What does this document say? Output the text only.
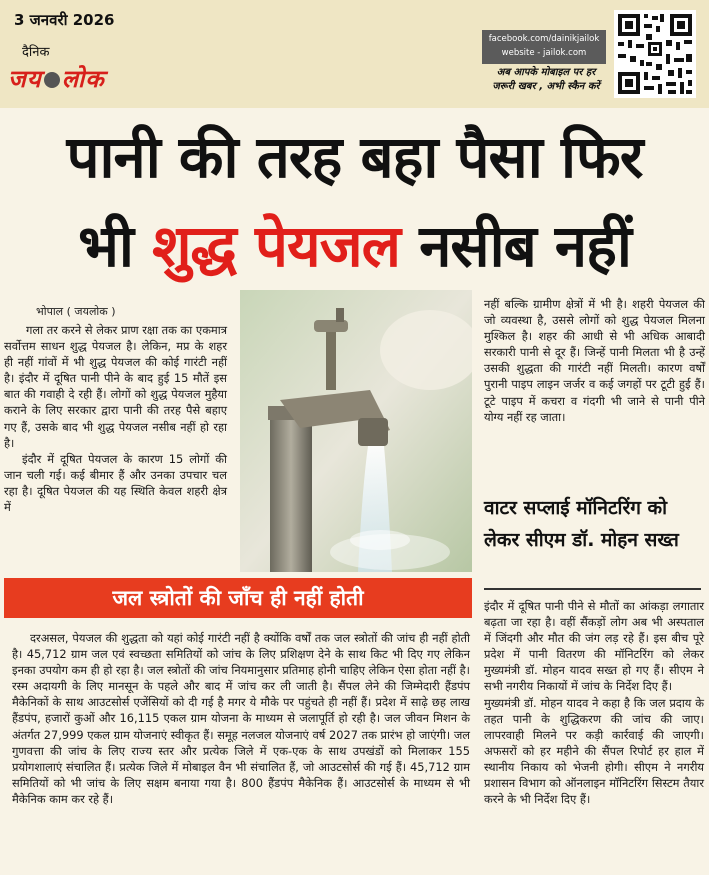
3 जनवरी 2026
दैनिक
जय लोक
facebook.com/dainikjailok
website - jailok.com
अब आपके मोबाइल पर हर
जरूरी खबर , अभी स्कैन करें
पानी की तरह बहा पैसा फिर
भी शुद्ध पेयजल नसीब नहीं
भोपाल ( जयलोक )

गला तर करने से लेकर प्राण रक्षा तक का एकमात्र सर्वोत्तम साधन शुद्ध पेयजल है। लेकिन, मप्र के शहर ही नहीं गांवों में भी शुद्ध पेयजल की कोई गारंटी नहीं है। इंदौर में दूषित पानी पीने के बाद हुई 15 मौतें इस बात की गवाही दे रही हैं। लोगों को शुद्ध पेयजल मुहैया कराने के लिए सरकार द्वारा पानी की तरह पैसे बहाए गए हैं, उसके बाद भी शुद्ध पेयजल नसीब नहीं हो रहा है।

इंदौर में दूषित पेयजल के कारण 15 लोगों की जान चली गई। कई बीमार हैं और उनका उपचार चल रहा है। दूषित पेयजल की यह स्थिति केवल शहरी क्षेत्र में

नहीं बल्कि ग्रामीण क्षेत्रों में भी है। शहरी पेयजल की जो व्यवस्था है, उससे लोगों को शुद्ध पेयजल मिलना मुश्किल है। शहर की आधी से भी अधिक आबादी सरकारी पानी से दूर हैं। जिन्हें पानी मिलता भी है उन्हें उसकी शुद्धता की गारंटी नहीं मिलती। कारण वर्षों पुरानी पाइप लाइन जर्जर व कई जगहों पर टूटी हुई हैं। टूटे पाइप में कचरा व गंदगी भी जाने से पानी पीने योग्य नहीं रह जाता।

वाटर सप्लाई मॉनिटरिंग को लेकर सीएम डॉ. मोहन सख्त

इंदौर में दूषित पानी पीने से मौतों का आंकड़ा लगातार बढ़ता जा रहा है। वहीं सैंकड़ों लोग अब भी अस्पताल में जिंदगी और मौत की जंग लड़ रहे हैं। इस बीच पूरे प्रदेश में पानी वितरण की मॉनिटरिंग को लेकर मुख्यमंत्री डॉ. मोहन यादव सख्त हो गए हैं। सीएम ने सभी नगरीय निकायों में जांच के निर्देश दिए हैं।

मुख्यमंत्री डॉ. मोहन यादव ने कहा है कि जल प्रदाय के तहत पानी के शुद्धिकरण की जांच की जाए। लापरवाही मिलने पर कड़ी कार्रवाई की जाएगी। अफसरों को हर महीने की सैंपल रिपोर्ट हर हाल में स्थानीय निकाय को भेजनी होगी। सीएम ने नगरीय प्रशासन विभाग को ऑनलाइन मॉनिटरिंग सिस्टम तैयार करने के भी निर्देश दिए हैं।

जल स्त्रोतों की जाँच ही नहीं होती

दरअसल, पेयजल की शुद्धता को यहां कोई गारंटी नहीं है क्योंकि वर्षों तक जल स्त्रोतों की जांच ही नहीं होती है। 45,712 ग्राम जल एवं स्वच्छता समितियों को जांच के लिए प्रशिक्षण देने के साथ किट भी दिए गए लेकिन इनका उपयोग कम ही हो रहा है। जल स्त्रोतों की जांच नियमानुसार प्रतिमाह होनी चाहिए लेकिन ऐसा होता नहीं है। रस्म अदायगी के लिए मानसून के पहले और बाद में जांच कर ली जाती है। सैंपल लेने की जिम्मेदारी हैंडपंप मैकेनिकों के साथ आउटसोर्स एजेंसियों को दी गई है मगर ये मौके पर पहुंचते ही नहीं हैं। प्रदेश में साढ़े छह लाख हैंडपंप, हजारों कुओं और 16,115 एकल ग्राम योजना के माध्यम से जलापूर्ति हो रही है। जल जीवन मिशन के अंतर्गत 27,999 एकल ग्राम योजनाएं स्वीकृत हैं। समूह नलजल योजनाएं वर्ष 2027 तक प्रारंभ हो जाएंगी। जल गुणवत्ता की जांच के लिए राज्य स्तर और प्रत्येक जिले में एक-एक के साथ उपखंडों को मिलाकर 155 प्रयोगशालाएं संचालित हैं। प्रत्येक जिले में मोबाइल वैन भी संचालित हैं, जो आउटसोर्स की गई हैं। 45,712 ग्राम समितियों को भी जांच के लिए सक्षम बनाया गया है। 800 हैंडपंप मैकेनिक हैं। आउटसोर्स के माध्यम से भी मैकेनिक काम कर रहे हैं।
